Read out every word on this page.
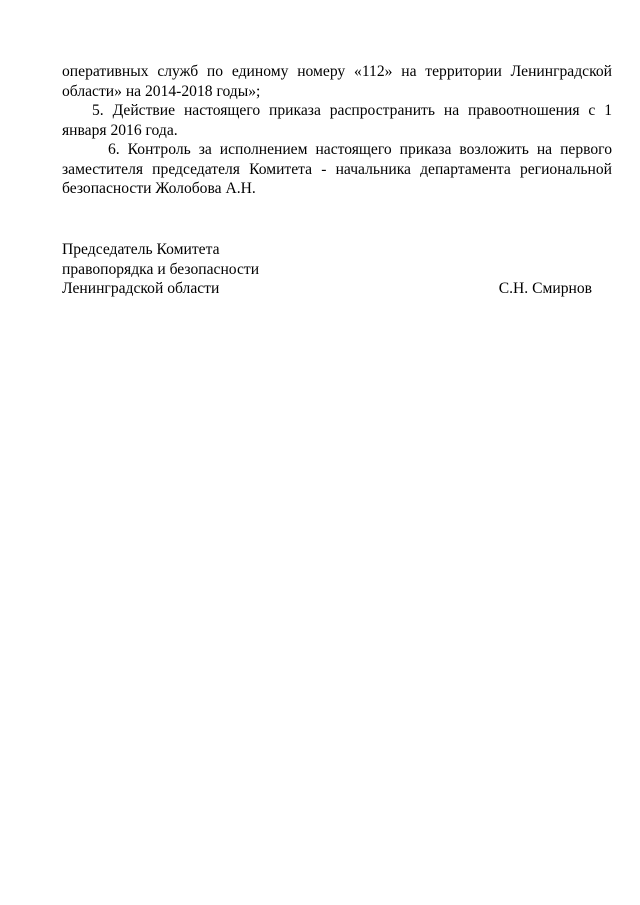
оперативных служб по единому номеру «112» на территории Ленинградской области» на 2014-2018 годы»;

5. Действие настоящего приказа распространить на правоотношения с 1 января 2016 года.

6. Контроль за исполнением настоящего приказа возложить на первого заместителя председателя Комитета - начальника департамента региональной безопасности Жолобова А.Н.

Председатель Комитета
правопорядка и безопасности
Ленинградской области	С.Н. Смирнов
